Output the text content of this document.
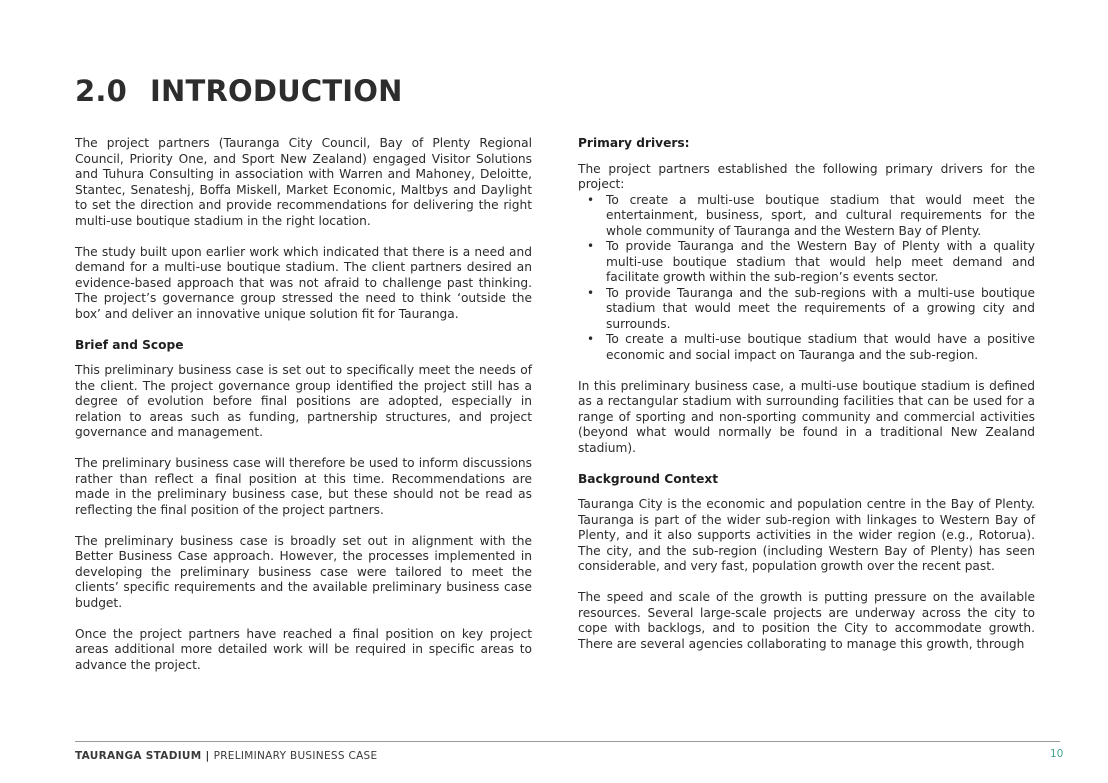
2.0 INTRODUCTION

The project partners (Tauranga City Council, Bay of Plenty Regional Council, Priority One, and Sport New Zealand) engaged Visitor Solutions and Tuhura Consulting in association with Warren and Mahoney, Deloitte, Stantec, Senateshj, Boffa Miskell, Market Economic, Maltbys and Daylight to set the direction and provide recommendations for delivering the right multi-use boutique stadium in the right location.

The study built upon earlier work which indicated that there is a need and demand for a multi-use boutique stadium. The client partners desired an evidence-based approach that was not afraid to challenge past thinking. The project’s governance group stressed the need to think ‘outside the box’ and deliver an innovative unique solution fit for Tauranga.

Brief and Scope

This preliminary business case is set out to specifically meet the needs of the client. The project governance group identified the project still has a degree of evolution before final positions are adopted, especially in relation to areas such as funding, partnership structures, and project governance and management.

The preliminary business case will therefore be used to inform discussions rather than reflect a final position at this time. Recommendations are made in the preliminary business case, but these should not be read as reflecting the final position of the project partners.

The preliminary business case is broadly set out in alignment with the Better Business Case approach. However, the processes implemented in developing the preliminary business case were tailored to meet the clients’ specific requirements and the available preliminary business case budget.

Once the project partners have reached a final position on key project areas additional more detailed work will be required in specific areas to advance the project.

Primary drivers:

The project partners established the following primary drivers for the project:

• To create a multi-use boutique stadium that would meet the entertainment, business, sport, and cultural requirements for the whole community of Tauranga and the Western Bay of Plenty.
• To provide Tauranga and the Western Bay of Plenty with a quality multi-use boutique stadium that would help meet demand and facilitate growth within the sub-region’s events sector.
• To provide Tauranga and the sub-regions with a multi-use boutique stadium that would meet the requirements of a growing city and surrounds.
• To create a multi-use boutique stadium that would have a positive economic and social impact on Tauranga and the sub-region.

In this preliminary business case, a multi-use boutique stadium is defined as a rectangular stadium with surrounding facilities that can be used for a range of sporting and non-sporting community and commercial activities (beyond what would normally be found in a traditional New Zealand stadium).

Background Context

Tauranga City is the economic and population centre in the Bay of Plenty. Tauranga is part of the wider sub-region with linkages to Western Bay of Plenty, and it also supports activities in the wider region (e.g., Rotorua). The city, and the sub-region (including Western Bay of Plenty) has seen considerable, and very fast, population growth over the recent past.

The speed and scale of the growth is putting pressure on the available resources. Several large-scale projects are underway across the city to cope with backlogs, and to position the City to accommodate growth. There are several agencies collaborating to manage this growth, through

TAURANGA STADIUM | PRELIMINARY BUSINESS CASE	10
